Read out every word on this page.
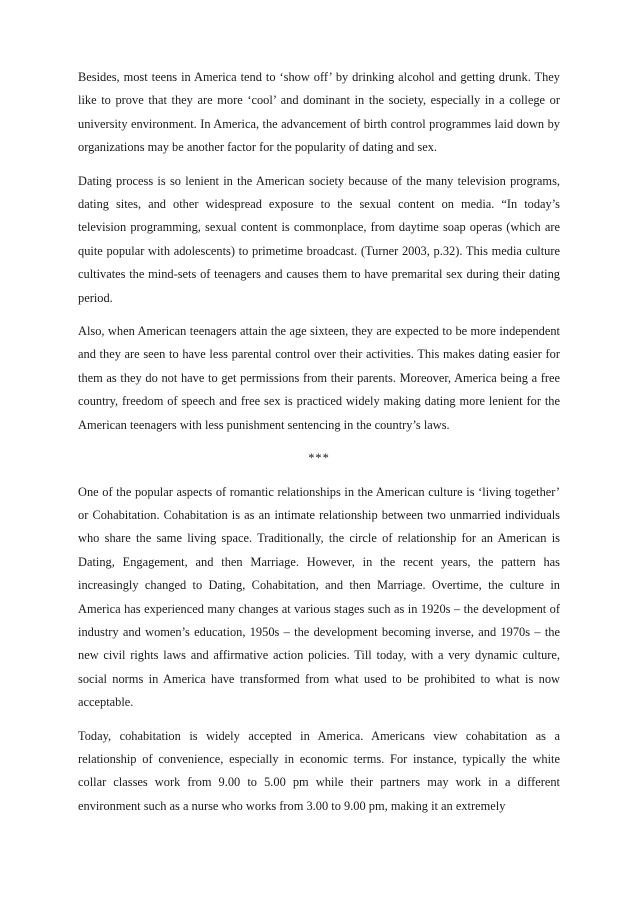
Besides, most teens in America tend to ‘show off’ by drinking alcohol and getting drunk. They like to prove that they are more ‘cool’ and dominant in the society, especially in a college or university environment. In America, the advancement of birth control programmes laid down by organizations may be another factor for the popularity of dating and sex.

Dating process is so lenient in the American society because of the many television programs, dating sites, and other widespread exposure to the sexual content on media. “In today’s television programming, sexual content is commonplace, from daytime soap operas (which are quite popular with adolescents) to primetime broadcast. (Turner 2003, p.32). This media culture cultivates the mind-sets of teenagers and causes them to have premarital sex during their dating period.

Also, when American teenagers attain the age sixteen, they are expected to be more independent and they are seen to have less parental control over their activities. This makes dating easier for them as they do not have to get permissions from their parents. Moreover, America being a free country, freedom of speech and free sex is practiced widely making dating more lenient for the American teenagers with less punishment sentencing in the country’s laws.

***

One of the popular aspects of romantic relationships in the American culture is ‘living together’ or Cohabitation. Cohabitation is as an intimate relationship between two unmarried individuals who share the same living space. Traditionally, the circle of relationship for an American is Dating, Engagement, and then Marriage. However, in the recent years, the pattern has increasingly changed to Dating, Cohabitation, and then Marriage. Overtime, the culture in America has experienced many changes at various stages such as in 1920s – the development of industry and women’s education, 1950s – the development becoming inverse, and 1970s – the new civil rights laws and affirmative action policies. Till today, with a very dynamic culture, social norms in America have transformed from what used to be prohibited to what is now acceptable.

Today, cohabitation is widely accepted in America. Americans view cohabitation as a relationship of convenience, especially in economic terms. For instance, typically the white collar classes work from 9.00 to 5.00 pm while their partners may work in a different environment such as a nurse who works from 3.00 to 9.00 pm, making it an extremely
